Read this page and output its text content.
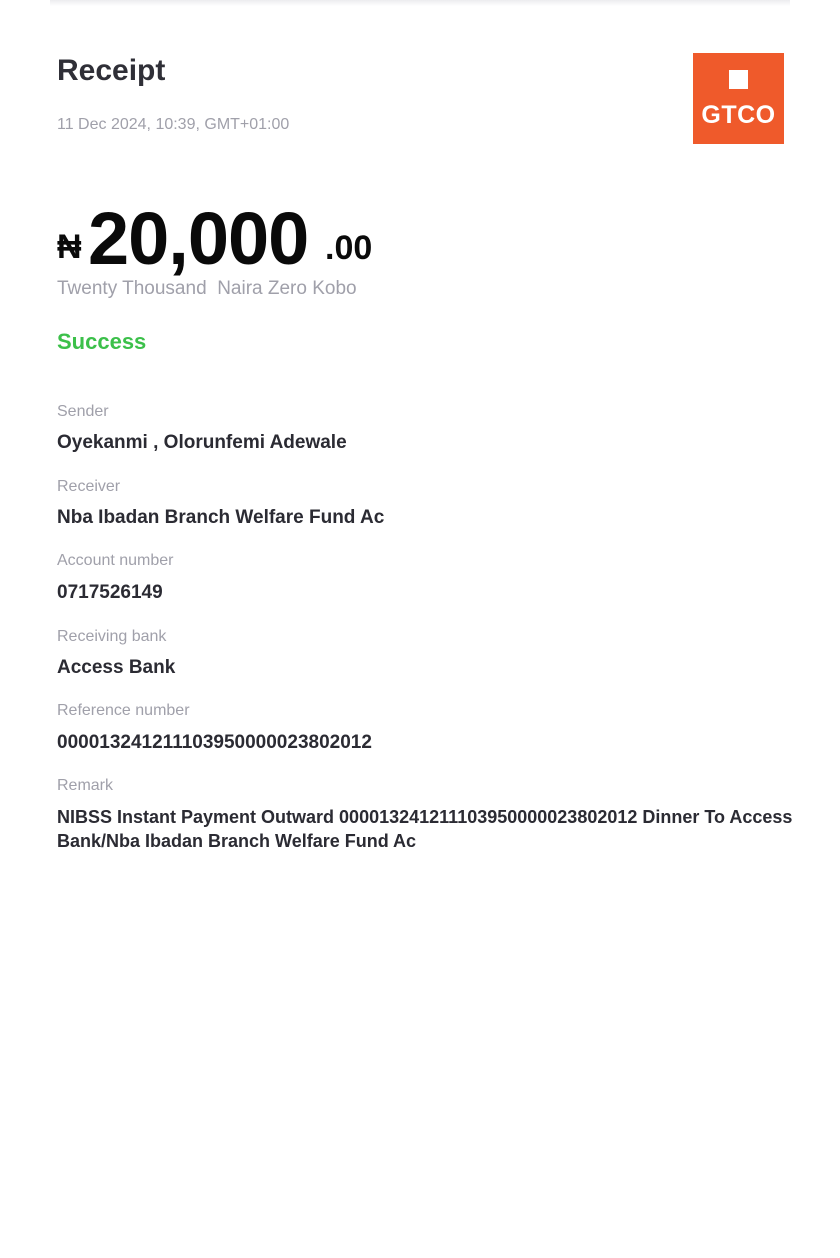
Receipt
11 Dec 2024, 10:39, GMT+01:00	GTCO
₦ 20,000 .00
Twenty Thousand  Naira Zero Kobo
Success
Sender
Oyekanmi , Olorunfemi Adewale
Receiver
Nba Ibadan Branch Welfare Fund Ac
Account number
0717526149
Receiving bank
Access Bank
Reference number
000013241211103950000023802012
Remark
NIBSS Instant Payment Outward 000013241211103950000023802012 Dinner To Access Bank/Nba Ibadan Branch Welfare Fund Ac
